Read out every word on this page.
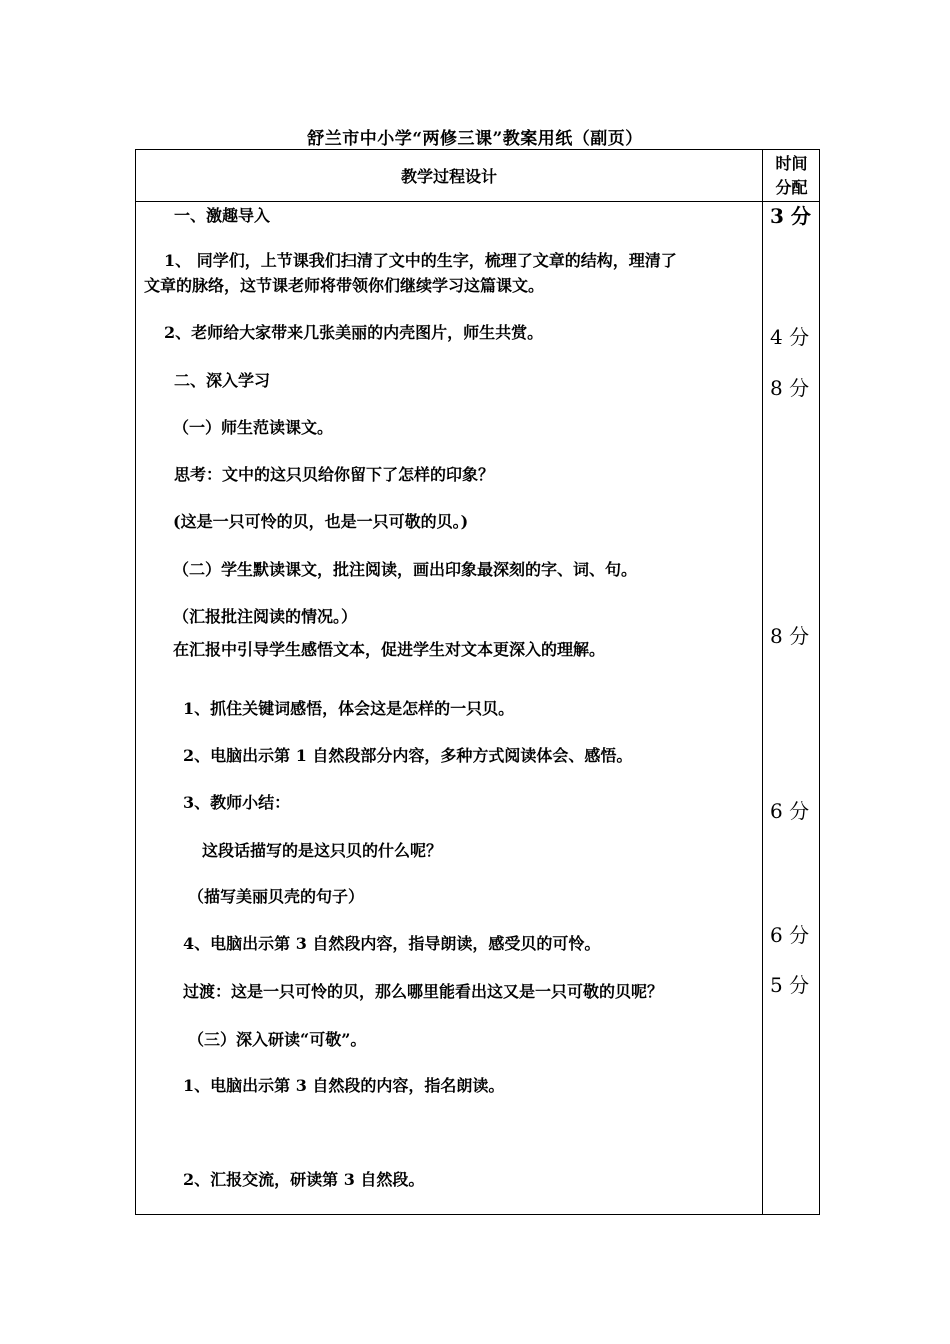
舒兰市中小学“两修三课”教案用纸（副页）
教学过程设计
时间
分配
一、激趣导入
1、 同学们，上节课我们扫清了文中的生字，梳理了文章的结构，理清了
文章的脉络，这节课老师将带领你们继续学习这篇课文。
2、老师给大家带来几张美丽的内壳图片，师生共赏。
二、深入学习
（一）师生范读课文。
思考：文中的这只贝给你留下了怎样的印象？
(这是一只可怜的贝，也是一只可敬的贝。)
（二）学生默读课文，批注阅读，画出印象最深刻的字、词、句。
（汇报批注阅读的情况。）
在汇报中引导学生感悟文本，促进学生对文本更深入的理解。
1、抓住关键词感悟，体会这是怎样的一只贝。
2、电脑出示第 1 自然段部分内容，多种方式阅读体会、感悟。
3、教师小结：
这段话描写的是这只贝的什么呢？
（描写美丽贝壳的句子）
4、电脑出示第 3 自然段内容，指导朗读，感受贝的可怜。
过渡：这是一只可怜的贝，那么哪里能看出这又是一只可敬的贝呢？
（三）深入研读“可敬”。
1、电脑出示第 3 自然段的内容，指名朗读。
2、汇报交流，研读第 3 自然段。
3 分
4 分
8 分
8 分
6 分
6 分
5 分
